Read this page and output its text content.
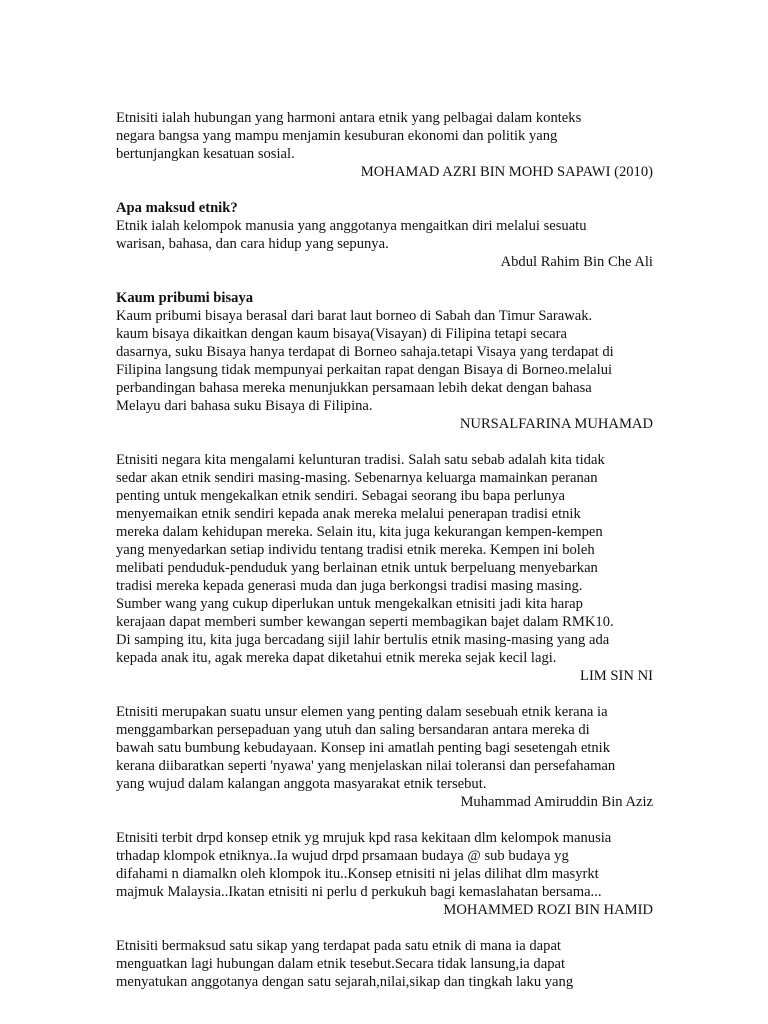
Etnisiti ialah hubungan yang harmoni antara etnik yang pelbagai dalam konteks
negara bangsa yang mampu menjamin kesuburan ekonomi dan politik yang
bertunjangkan kesatuan sosial.
MOHAMAD AZRI BIN MOHD SAPAWI (2010)
Apa maksud etnik?
Etnik ialah kelompok manusia yang anggotanya mengaitkan diri melalui sesuatu
warisan, bahasa, dan cara hidup yang sepunya.
Abdul Rahim Bin Che Ali
Kaum pribumi bisaya
Kaum pribumi bisaya berasal dari barat laut borneo di Sabah dan Timur Sarawak.
kaum bisaya dikaitkan dengan kaum bisaya(Visayan) di Filipina tetapi secara
dasarnya, suku Bisaya hanya terdapat di Borneo sahaja.tetapi Visaya yang terdapat di
Filipina langsung tidak mempunyai perkaitan rapat dengan Bisaya di Borneo.melalui
perbandingan bahasa mereka menunjukkan persamaan lebih dekat dengan bahasa
Melayu dari bahasa suku Bisaya di Filipina.
NURSALFARINA MUHAMAD
Etnisiti negara kita mengalami kelunturan tradisi. Salah satu sebab adalah kita tidak
sedar akan etnik sendiri masing-masing. Sebenarnya keluarga mamainkan peranan
penting untuk mengekalkan etnik sendiri. Sebagai seorang ibu bapa perlunya
menyemaikan etnik sendiri kepada anak mereka melalui penerapan tradisi etnik
mereka dalam kehidupan mereka. Selain itu, kita juga kekurangan kempen-kempen
yang menyedarkan setiap individu tentang tradisi etnik mereka. Kempen ini boleh
melibati penduduk-penduduk yang berlainan etnik untuk berpeluang menyebarkan
tradisi mereka kepada generasi muda dan juga berkongsi tradisi masing masing.
Sumber wang yang cukup diperlukan untuk mengekalkan etnisiti jadi kita harap
kerajaan dapat memberi sumber kewangan seperti membagikan bajet dalam RMK10.
Di samping itu, kita juga bercadang sijil lahir bertulis etnik masing-masing yang ada
kepada anak itu, agak mereka dapat diketahui etnik mereka sejak kecil lagi.
LIM SIN NI
Etnisiti merupakan suatu unsur elemen yang penting dalam sesebuah etnik kerana ia
menggambarkan persepaduan yang utuh dan saling bersandaran antara mereka di
bawah satu bumbung kebudayaan. Konsep ini amatlah penting bagi sesetengah etnik
kerana diibaratkan seperti 'nyawa' yang menjelaskan nilai toleransi dan persefahaman
yang wujud dalam kalangan anggota masyarakat etnik tersebut.
Muhammad Amiruddin Bin Aziz
Etnisiti terbit drpd konsep etnik yg mrujuk kpd rasa kekitaan dlm kelompok manusia
trhadap klompok etniknya..Ia wujud drpd prsamaan budaya @ sub budaya yg
difahami n diamalkn oleh klompok itu..Konsep etnisiti ni jelas dilihat dlm masyrkt
majmuk Malaysia..Ikatan etnisiti ni perlu d perkukuh bagi kemaslahatan bersama...
MOHAMMED ROZI BIN HAMID
Etnisiti bermaksud satu sikap yang terdapat pada satu etnik di mana ia dapat
menguatkan lagi hubungan dalam etnik tesebut.Secara tidak lansung,ia dapat
menyatukan anggotanya dengan satu sejarah,nilai,sikap dan tingkah laku yang
